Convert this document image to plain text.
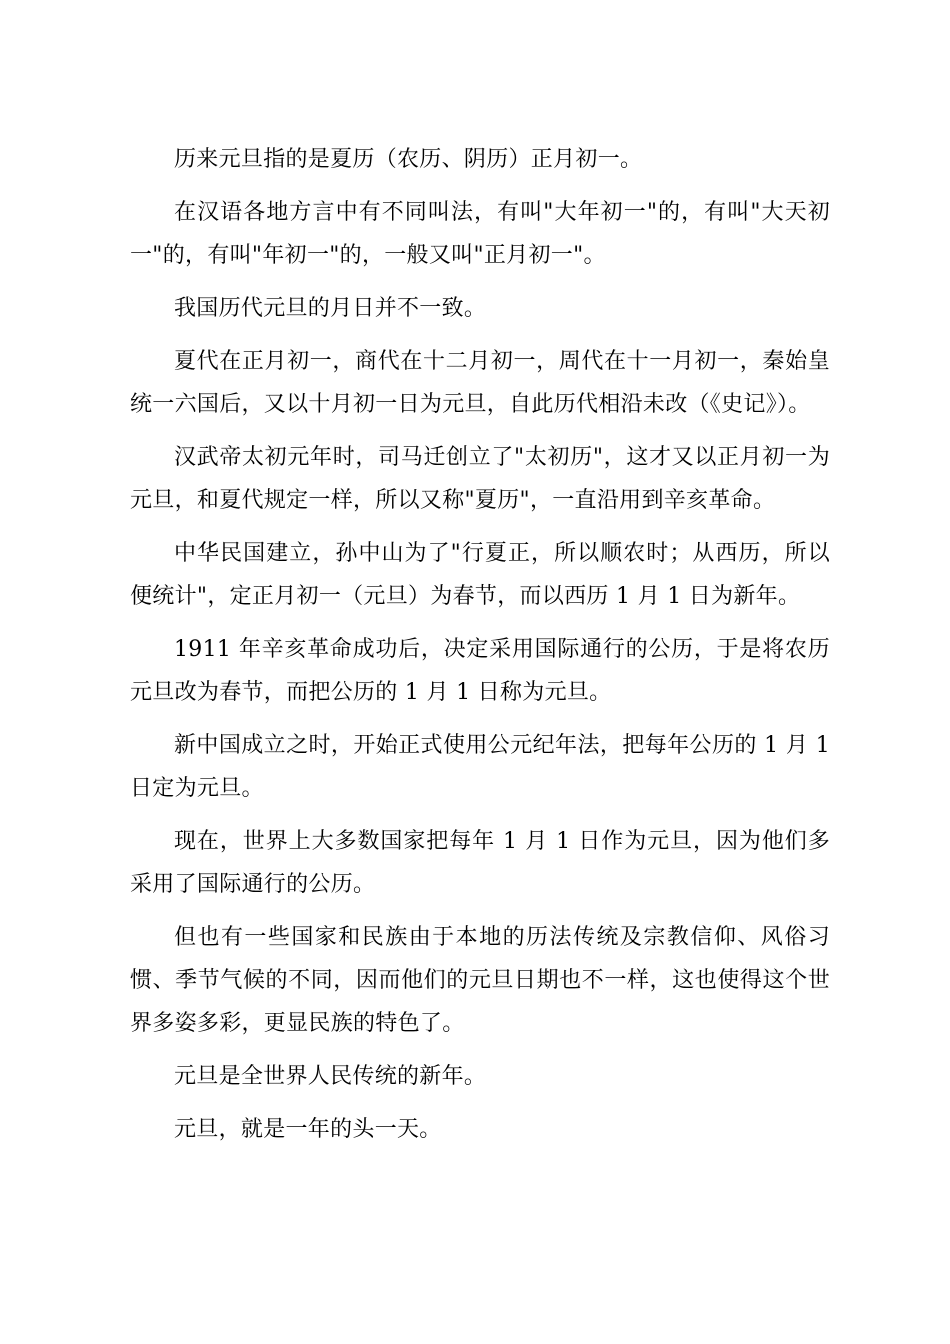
历来元旦指的是夏历（农历、阴历）正月初一。

在汉语各地方言中有不同叫法，有叫"大年初一"的，有叫"大天初一"的，有叫"年初一"的，一般又叫"正月初一"。

我国历代元旦的月日并不一致。

夏代在正月初一，商代在十二月初一，周代在十一月初一，秦始皇统一六国后，又以十月初一日为元旦，自此历代相沿未改（《史记》）。

汉武帝太初元年时，司马迁创立了"太初历"，这才又以正月初一为元旦，和夏代规定一样，所以又称"夏历"，一直沿用到辛亥革命。

中华民国建立，孙中山为了"行夏正，所以顺农时；从西历，所以便统计"，定正月初一（元旦）为春节，而以西历 1 月 1 日为新年。

1911 年辛亥革命成功后，决定采用国际通行的公历，于是将农历元旦改为春节，而把公历的 1 月 1 日称为元旦。

新中国成立之时，开始正式使用公元纪年法，把每年公历的 1 月 1 日定为元旦。

现在，世界上大多数国家把每年 1 月 1 日作为元旦，因为他们多采用了国际通行的公历。

但也有一些国家和民族由于本地的历法传统及宗教信仰、风俗习惯、季节气候的不同，因而他们的元旦日期也不一样，这也使得这个世界多姿多彩，更显民族的特色了。

元旦是全世界人民传统的新年。

元旦，就是一年的头一天。
